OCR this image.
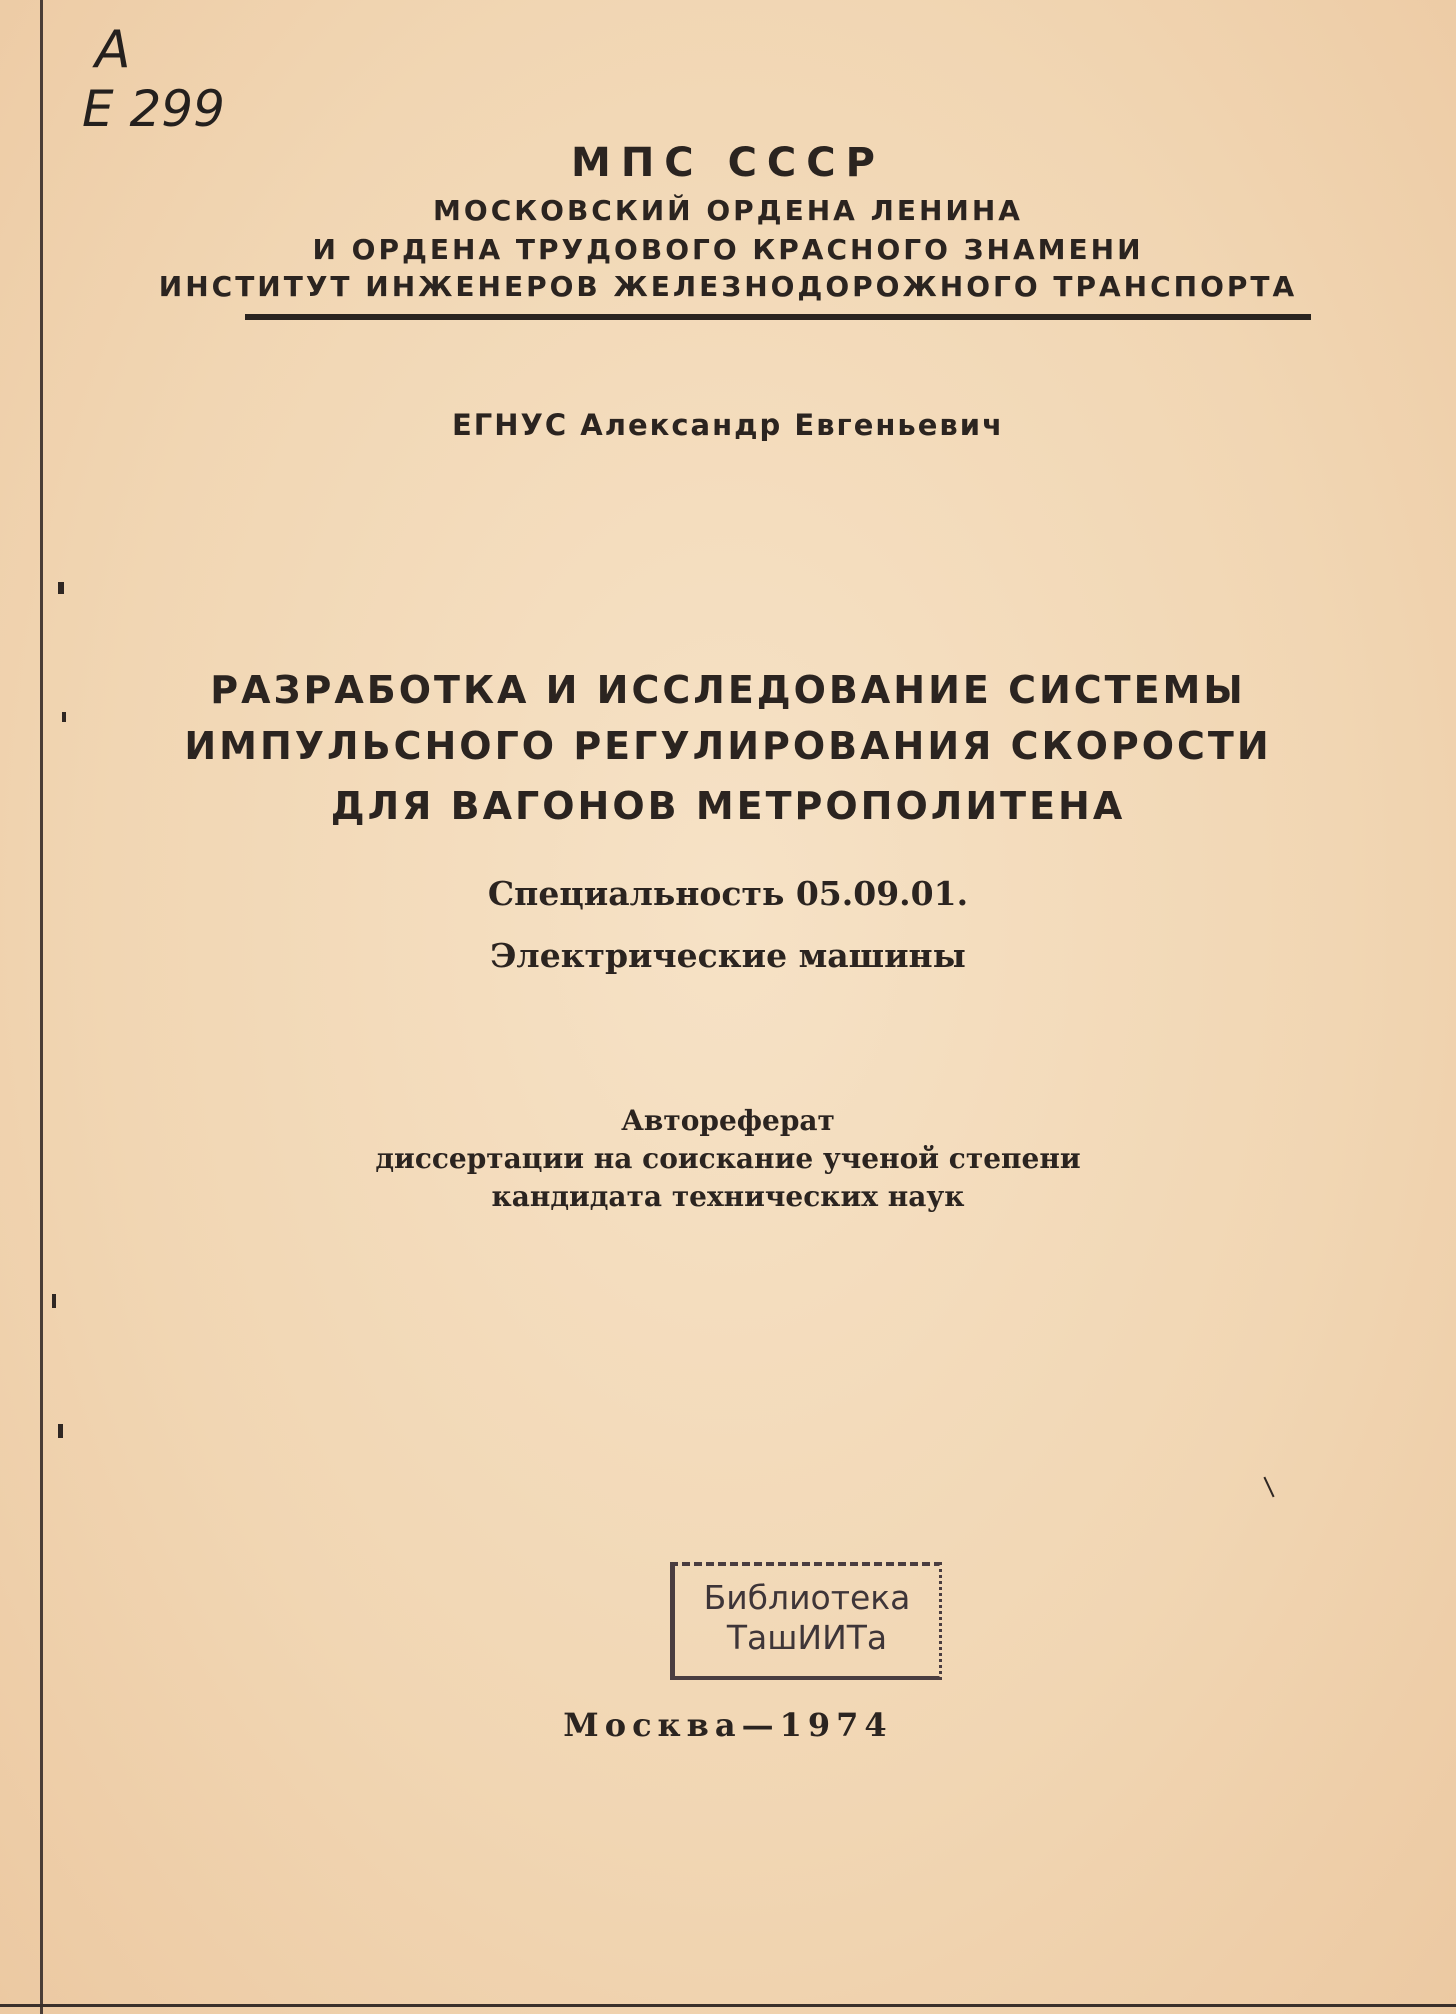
А
Е 299
МПС СССР
МОСКОВСКИЙ ОРДЕНА ЛЕНИНА
И ОРДЕНА ТРУДОВОГО КРАСНОГО ЗНАМЕНИ
ИНСТИТУТ ИНЖЕНЕРОВ ЖЕЛЕЗНОДОРОЖНОГО ТРАНСПОРТА
ЕГНУС Александр Евгеньевич
РАЗРАБОТКА И ИССЛЕДОВАНИЕ СИСТЕМЫ
ИМПУЛЬСНОГО РЕГУЛИРОВАНИЯ СКОРОСТИ
ДЛЯ ВАГОНОВ МЕТРОПОЛИТЕНА
Специальность 05.09.01.
Электрические машины
Автореферат
диссертации на соискание ученой степени
кандидата технических наук
Библиотека
ТашИИТа
Москва—1974
